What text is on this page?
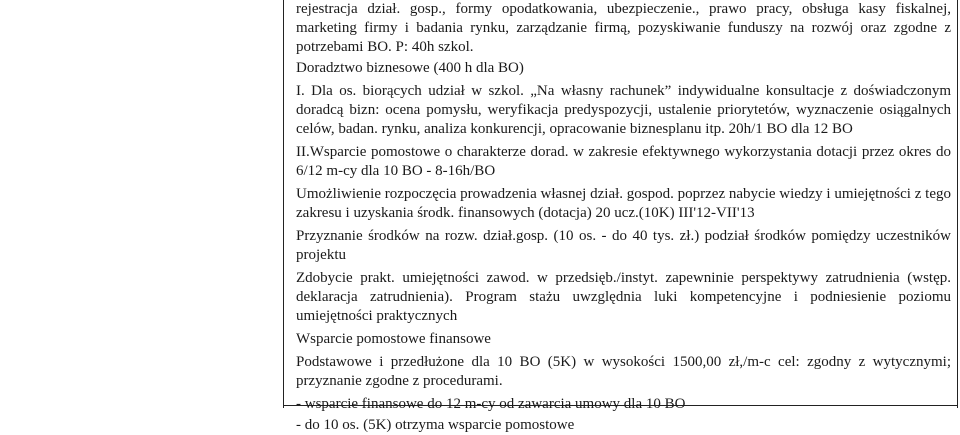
rejestracja dział. gosp., formy opodatkowania, ubezpieczenie., prawo pracy, obsługa kasy fiskalnej, marketing firmy i badania rynku, zarządzanie firmą, pozyskiwanie funduszy na rozwój oraz zgodne z potrzebami BO. P: 40h szkol.

Doradztwo biznesowe (400 h dla BO)

I. Dla os. biorących udział w szkol. „Na własny rachunek” indywidualne konsultacje z doświadczonym doradcą bizn: ocena pomysłu, weryfikacja predyspozycji, ustalenie priorytetów, wyznaczenie osiągalnych celów, badan. rynku, analiza konkurencji, opracowanie biznesplanu itp. 20h/1 BO dla 12 BO

II.Wsparcie pomostowe o charakterze dorad. w zakresie efektywnego wykorzystania dotacji przez okres do 6/12 m-cy dla 10 BO - 8-16h/BO

Umożliwienie rozpoczęcia prowadzenia własnej dział. gospod. poprzez nabycie wiedzy i umiejętności z tego zakresu i uzyskania środk. finansowych (dotacja) 20 ucz.(10K) III'12-VII'13

Przyznanie środków na rozw. dział.gosp. (10 os. - do 40 tys. zł.) podział środków pomiędzy uczestników projektu

Zdobycie prakt. umiejętności zawod. w przedsięb./instyt. zapewninie perspektywy zatrudnienia (wstęp. deklaracja zatrudnienia). Program stażu uwzględnia luki kompetencyjne i podniesienie poziomu umiejętności praktycznych

Wsparcie pomostowe finansowe

Podstawowe i przedłużone dla 10 BO (5K) w wysokości 1500,00 zł,/m-c cel: zgodny z wytycznymi; przyznanie zgodne z procedurami.

- wsparcie finansowe do 12 m-cy od zawarcia umowy dla 10 BO

- do 10 os. (5K) otrzyma wsparcie pomostowe
